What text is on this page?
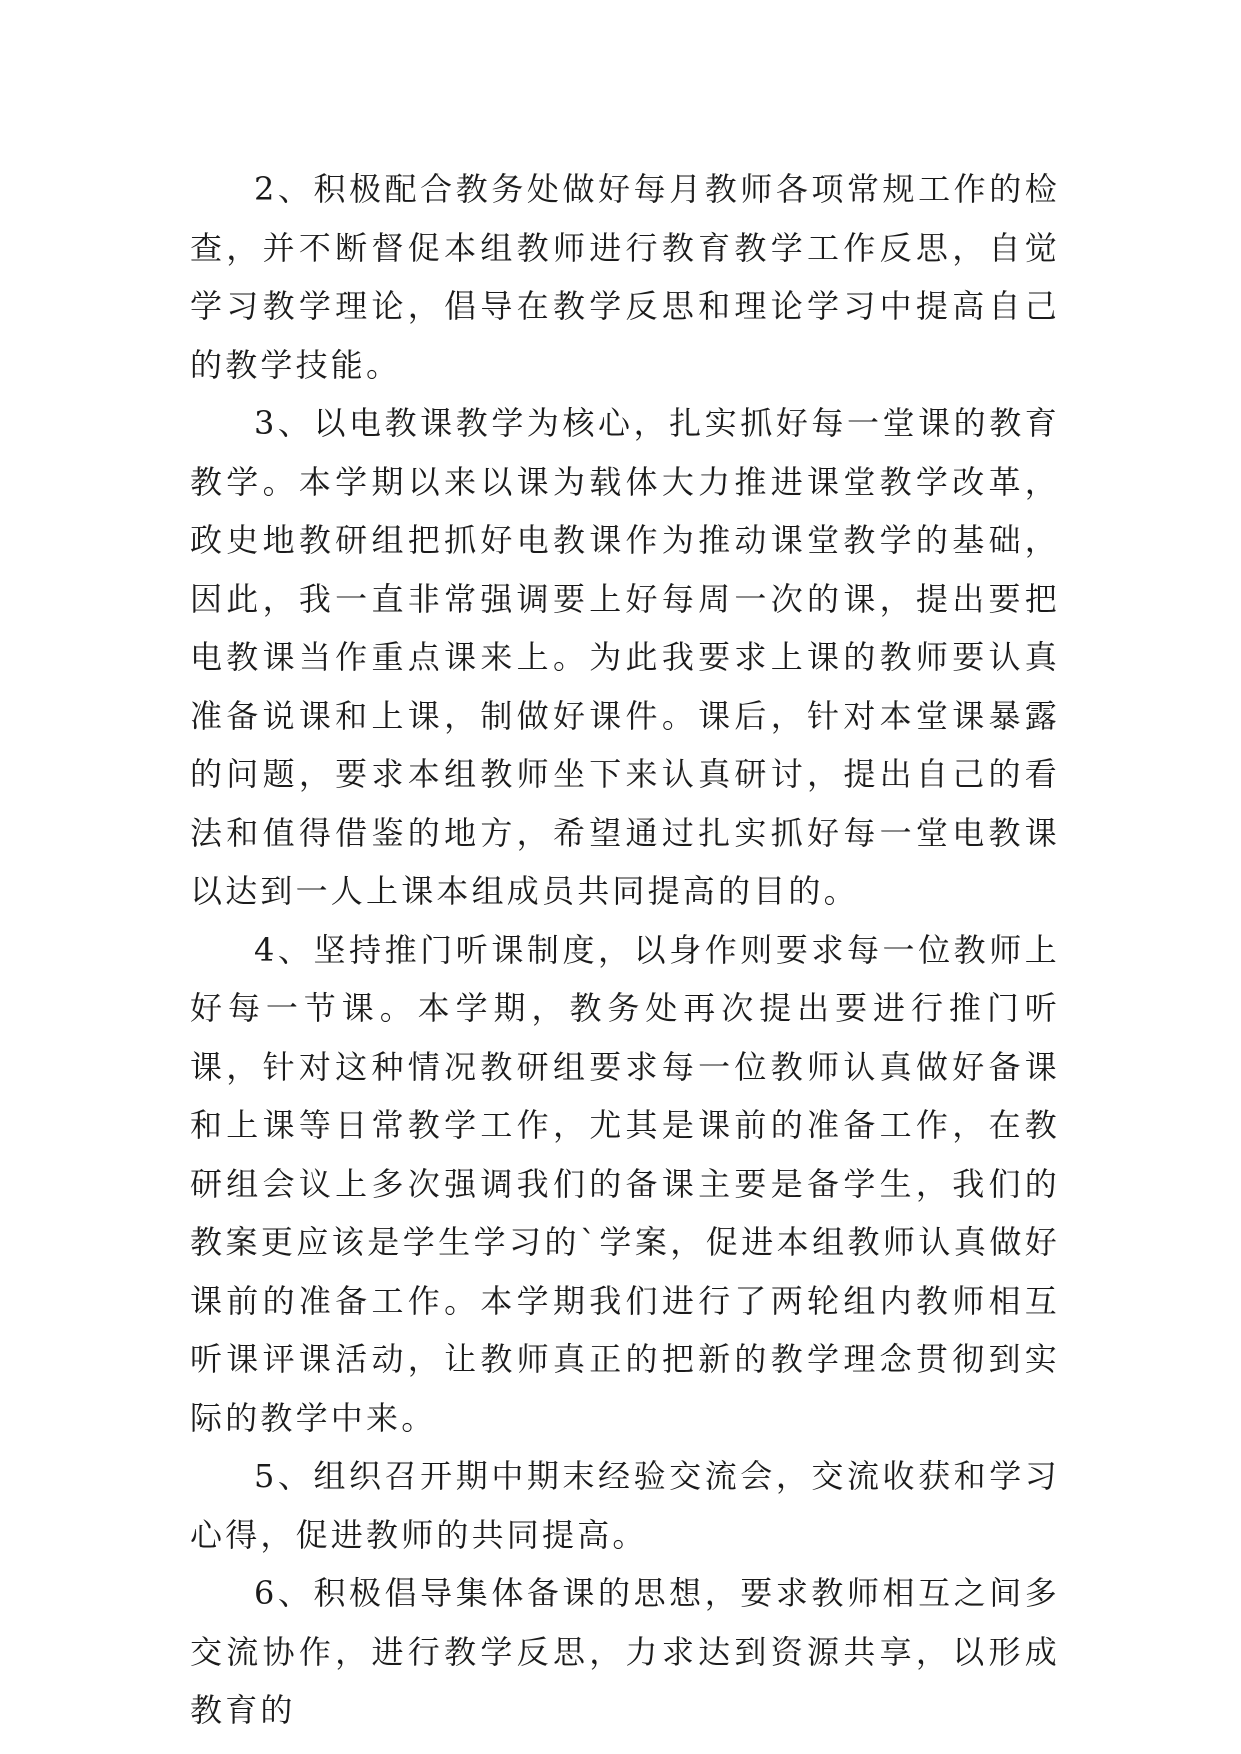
2、积极配合教务处做好每月教师各项常规工作的检查，并不断督促本组教师进行教育教学工作反思，自觉学习教学理论，倡导在教学反思和理论学习中提高自己的教学技能。

3、以电教课教学为核心，扎实抓好每一堂课的教育教学。本学期以来以课为载体大力推进课堂教学改革，政史地教研组把抓好电教课作为推动课堂教学的基础，因此，我一直非常强调要上好每周一次的课，提出要把电教课当作重点课来上。为此我要求上课的教师要认真准备说课和上课，制做好课件。课后，针对本堂课暴露的问题，要求本组教师坐下来认真研讨，提出自己的看法和值得借鉴的地方，希望通过扎实抓好每一堂电教课以达到一人上课本组成员共同提高的目的。

4、坚持推门听课制度，以身作则要求每一位教师上好每一节课。本学期，教务处再次提出要进行推门听课，针对这种情况教研组要求每一位教师认真做好备课和上课等日常教学工作，尤其是课前的准备工作，在教研组会议上多次强调我们的备课主要是备学生，我们的教案更应该是学生学习的`学案，促进本组教师认真做好课前的准备工作。本学期我们进行了两轮组内教师相互听课评课活动，让教师真正的把新的教学理念贯彻到实际的教学中来。

5、组织召开期中期末经验交流会，交流收获和学习心得，促进教师的共同提高。

6、积极倡导集体备课的思想，要求教师相互之间多交流协作，进行教学反思，力求达到资源共享，以形成教育的
